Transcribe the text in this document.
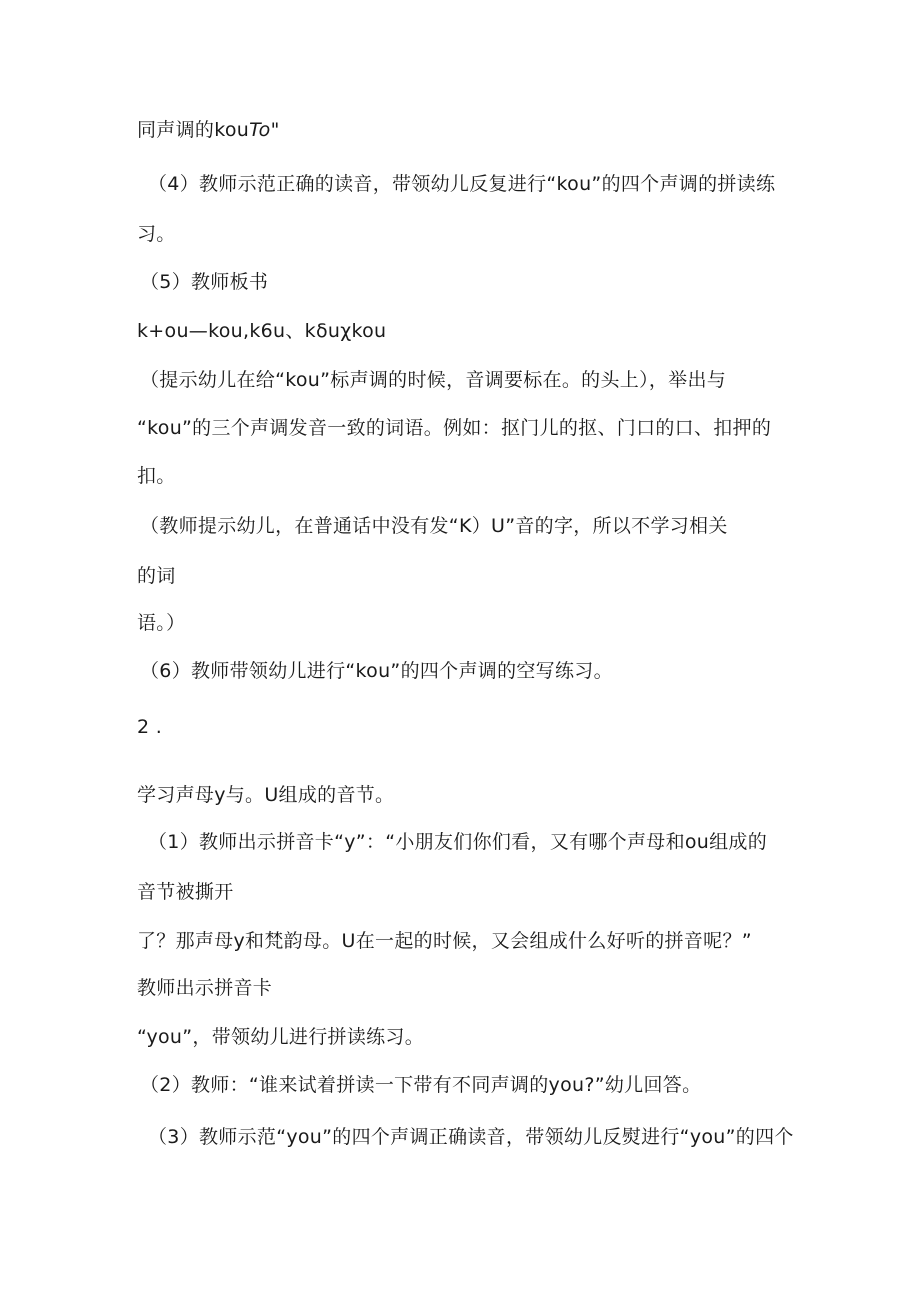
同声调的kouTo"
（4）教师示范正确的读音，带领幼儿反复进行“kou”的四个声调的拼读练
习。
（5）教师板书
k+ou—kou,k6u、kδuχkou
（提示幼儿在给“kou”标声调的时候，音调要标在。的头上），举出与
“kou”的三个声调发音一致的词语。例如：抠门儿的抠、门口的口、扣押的
扣。
（教师提示幼儿，在普通话中没有发“K）U”音的字，所以不学习相关
的词
语。）
（6）教师带领幼儿进行“kou”的四个声调的空写练习。
2 .
学习声母y与。U组成的音节。
（1）教师出示拼音卡“y”：“小朋友们你们看，又有哪个声母和ou组成的
音节被撕开
了？那声母y和梵韵母。U在一起的时候，又会组成什么好听的拼音呢？”
教师出示拼音卡
“you”，带领幼儿进行拼读练习。
（2）教师：“谁来试着拼读一下带有不同声调的you?”幼儿回答。
（3）教师示范“you”的四个声调正确读音，带领幼儿反熨进行“you”的四个
